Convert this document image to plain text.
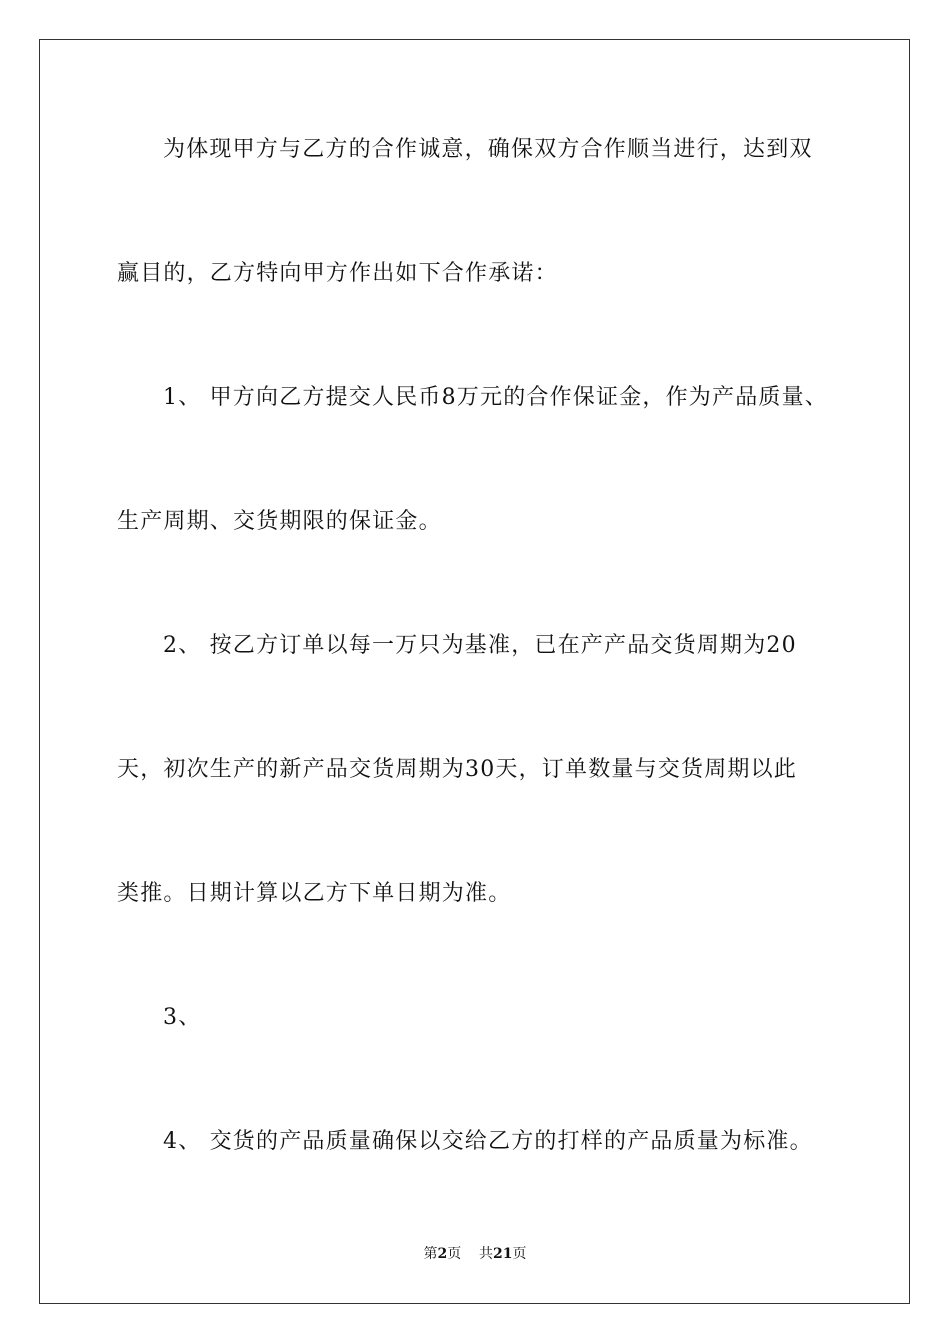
为体现甲方与乙方的合作诚意，确保双方合作顺当进行，达到双
赢目的，乙方特向甲方作出如下合作承诺：
1、 甲方向乙方提交人民币8万元的合作保证金，作为产品质量、
生产周期、交货期限的保证金。
2、 按乙方订单以每一万只为基准，已在产产品交货周期为20
天，初次生产的新产品交货周期为30天，订单数量与交货周期以此
类推。日期计算以乙方下单日期为准。
3、
4、 交货的产品质量确保以交给乙方的打样的产品质量为标准。
第2页 共21页
